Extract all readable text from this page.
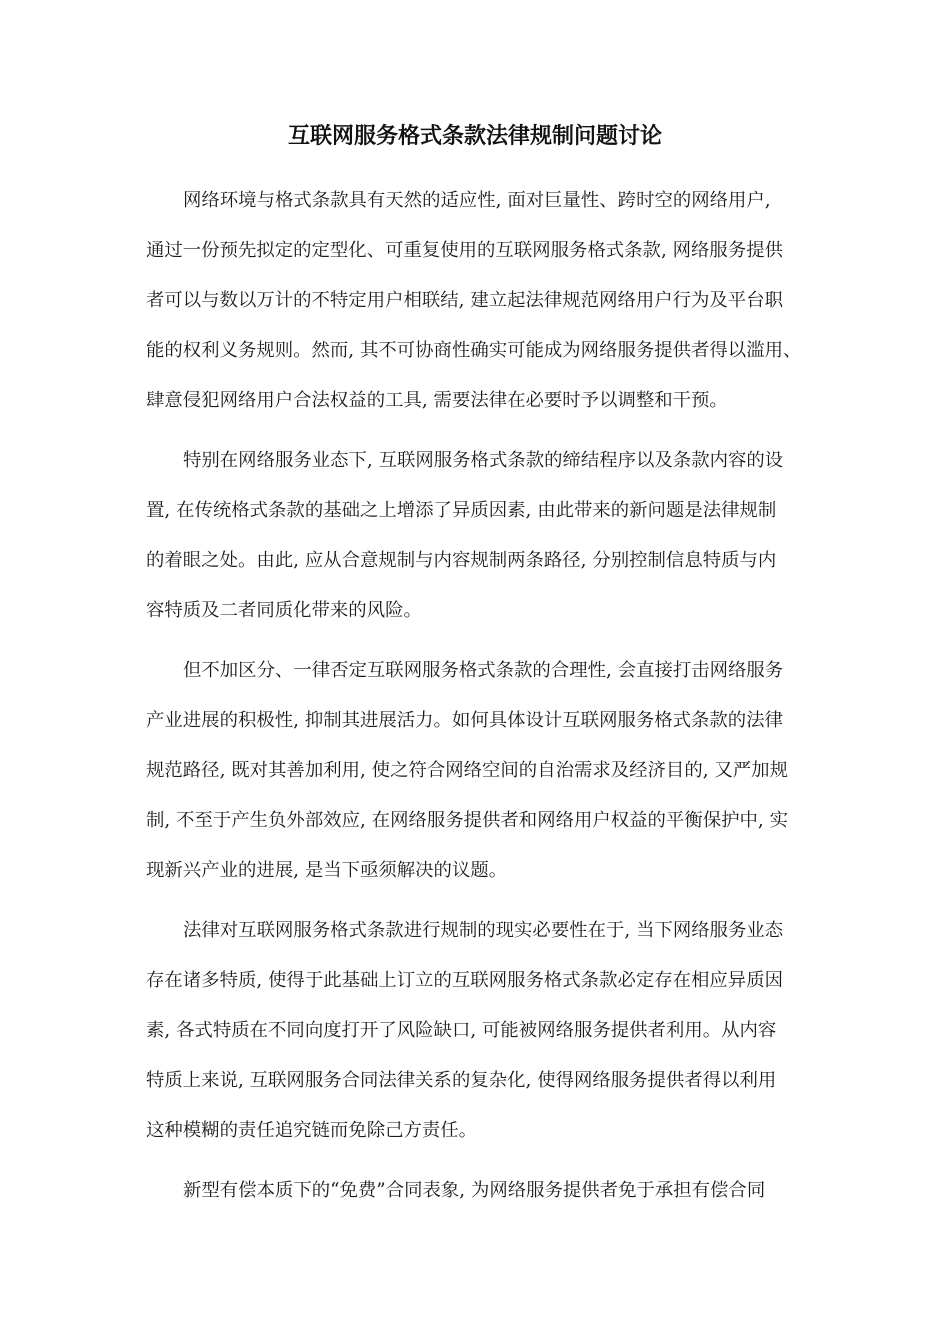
互联网服务格式条款法律规制问题讨论

网络环境与格式条款具有天然的适应性, 面对巨量性、跨时空的网络用户,

通过一份预先拟定的定型化、可重复使用的互联网服务格式条款, 网络服务提供

者可以与数以万计的不特定用户相联结, 建立起法律规范网络用户行为及平台职

能的权利义务规则。然而, 其不可协商性确实可能成为网络服务提供者得以滥用、

肆意侵犯网络用户合法权益的工具, 需要法律在必要时予以调整和干预。

特别在网络服务业态下, 互联网服务格式条款的缔结程序以及条款内容的设

置, 在传统格式条款的基础之上增添了异质因素, 由此带来的新问题是法律规制

的着眼之处。由此, 应从合意规制与内容规制两条路径, 分别控制信息特质与内

容特质及二者同质化带来的风险。

但不加区分、一律否定互联网服务格式条款的合理性, 会直接打击网络服务

产业进展的积极性, 抑制其进展活力。如何具体设计互联网服务格式条款的法律

规范路径, 既对其善加利用, 使之符合网络空间的自治需求及经济目的, 又严加规

制, 不至于产生负外部效应, 在网络服务提供者和网络用户权益的平衡保护中, 实

现新兴产业的进展, 是当下亟须解决的议题。

法律对互联网服务格式条款进行规制的现实必要性在于, 当下网络服务业态

存在诸多特质, 使得于此基础上订立的互联网服务格式条款必定存在相应异质因

素, 各式特质在不同向度打开了风险缺口, 可能被网络服务提供者利用。从内容

特质上来说, 互联网服务合同法律关系的复杂化, 使得网络服务提供者得以利用

这种模糊的责任追究链而免除己方责任。

新型有偿本质下的“免费”合同表象, 为网络服务提供者免于承担有偿合同
